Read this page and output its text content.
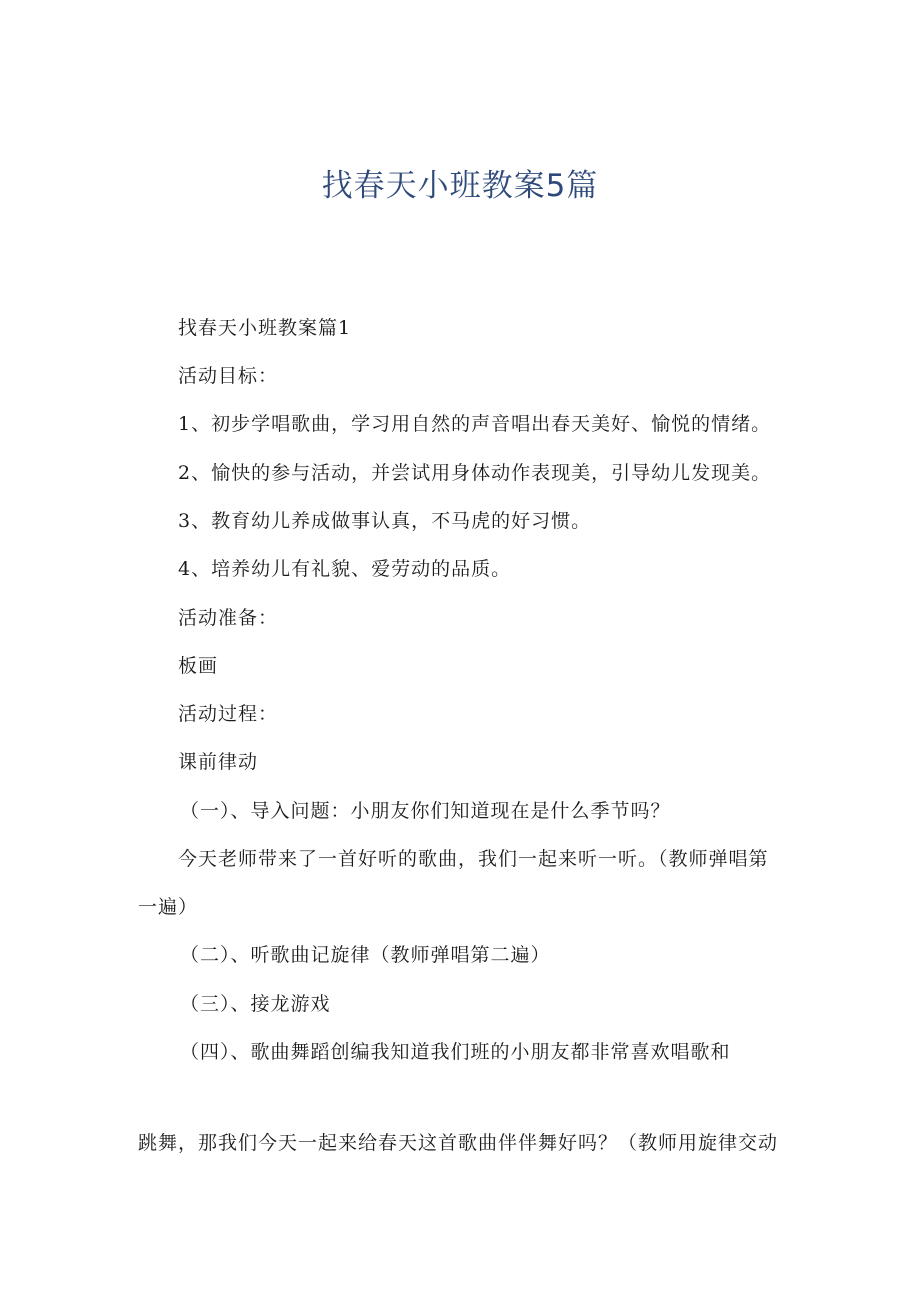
找春天小班教案5篇

找春天小班教案篇1

活动目标：

1、初步学唱歌曲，学习用自然的声音唱出春天美好、愉悦的情绪。

2、愉快的参与活动，并尝试用身体动作表现美，引导幼儿发现美。

3、教育幼儿养成做事认真，不马虎的好习惯。

4、培养幼儿有礼貌、爱劳动的品质。

活动准备：

板画

活动过程：

课前律动

（一）、导入问题：小朋友你们知道现在是什么季节吗？

今天老师带来了一首好听的歌曲，我们一起来听一听。（教师弹唱第

一遍）

（二）、听歌曲记旋律（教师弹唱第二遍）

（三）、接龙游戏

（四）、歌曲舞蹈创编我知道我们班的小朋友都非常喜欢唱歌和

跳舞，那我们今天一起来给春天这首歌曲伴伴舞好吗？（教师用旋律交动
